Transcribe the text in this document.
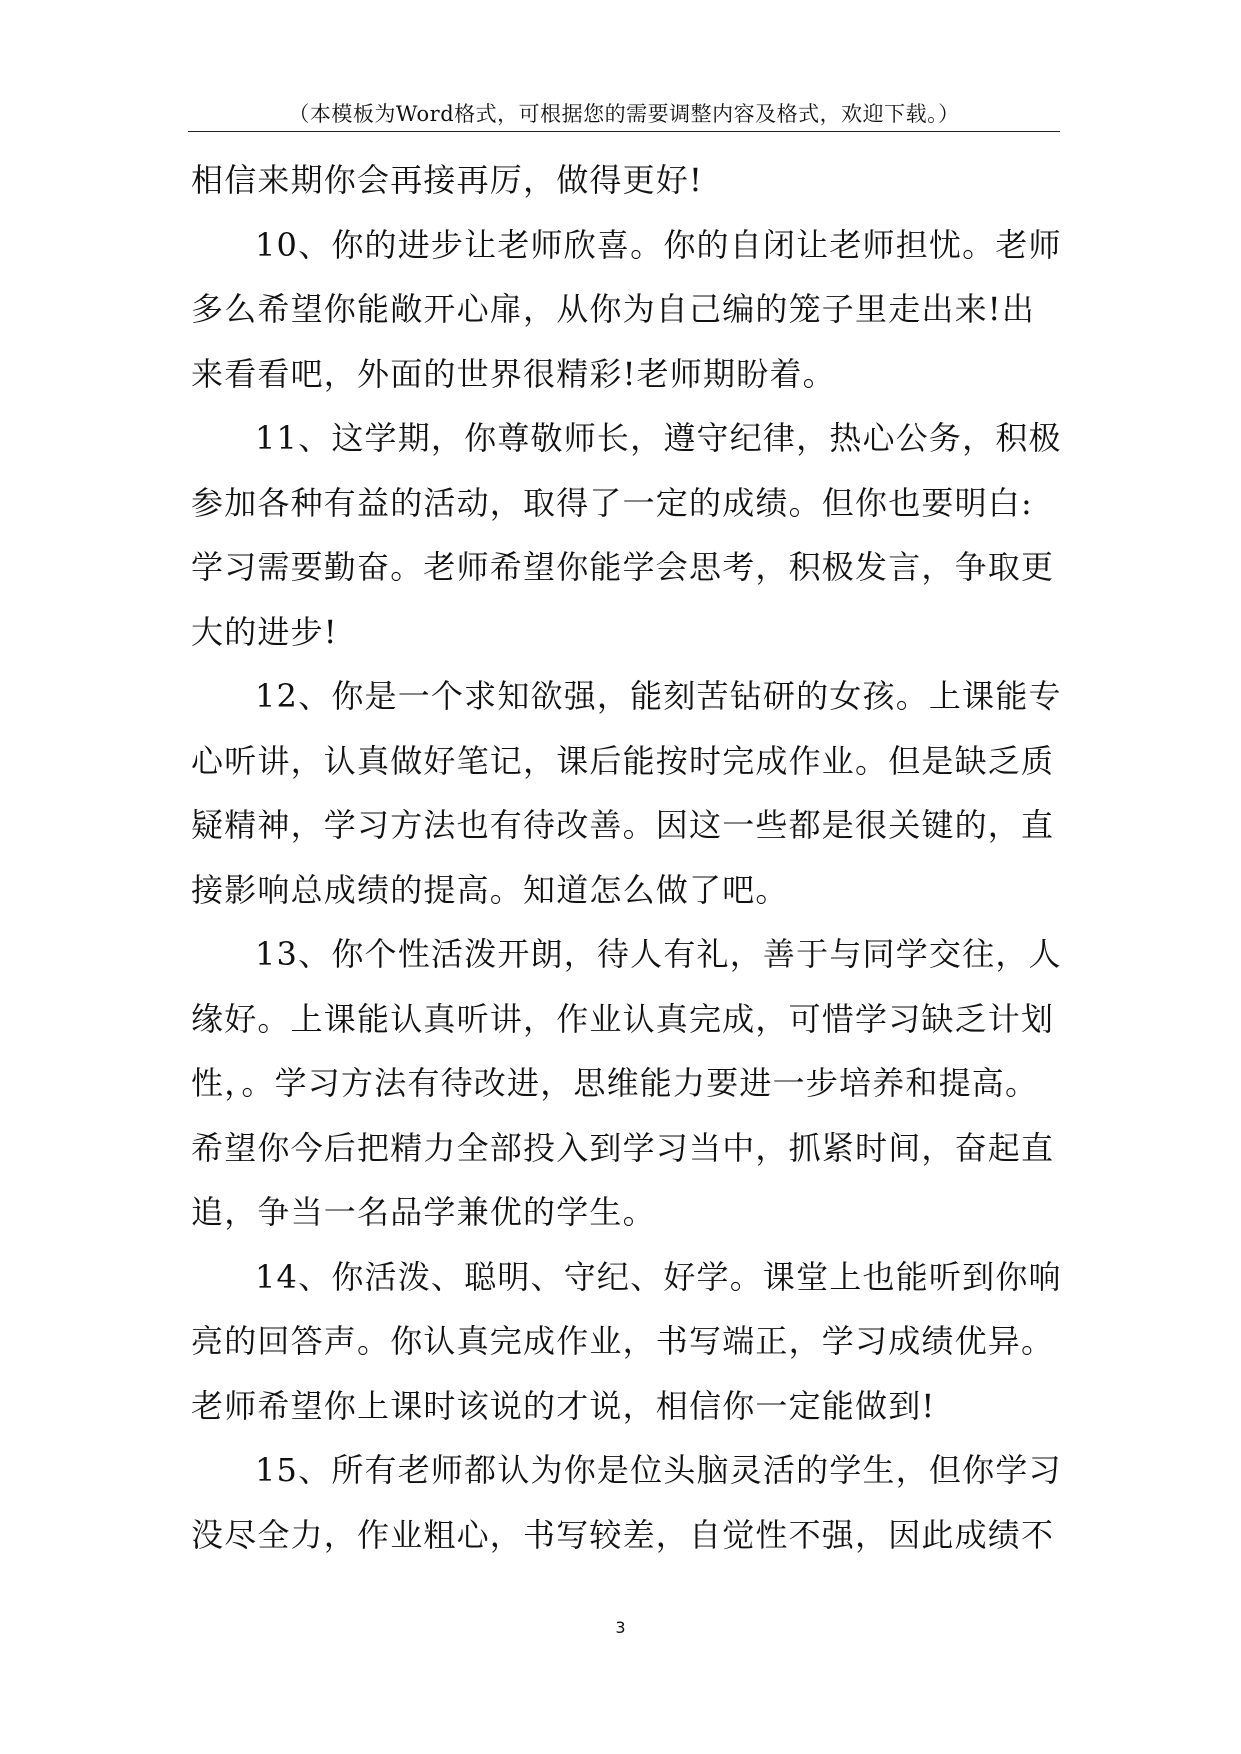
（本模板为Word格式，可根据您的需要调整内容及格式，欢迎下载。）
相信来期你会再接再厉，做得更好!
10、你的进步让老师欣喜。你的自闭让老师担忧。老师
多么希望你能敞开心扉，从你为自己编的笼子里走出来!出
来看看吧，外面的世界很精彩!老师期盼着。
11、这学期，你尊敬师长，遵守纪律，热心公务，积极
参加各种有益的活动，取得了一定的成绩。但你也要明白:
学习需要勤奋。老师希望你能学会思考，积极发言，争取更
大的进步!
12、你是一个求知欲强，能刻苦钻研的女孩。上课能专
心听讲，认真做好笔记，课后能按时完成作业。但是缺乏质
疑精神，学习方法也有待改善。因这一些都是很关键的，直
接影响总成绩的提高。知道怎么做了吧。
13、你个性活泼开朗，待人有礼，善于与同学交往，人
缘好。上课能认真听讲，作业认真完成，可惜学习缺乏计划
性，。学习方法有待改进，思维能力要进一步培养和提高。
希望你今后把精力全部投入到学习当中，抓紧时间，奋起直
追，争当一名品学兼优的学生。
14、你活泼、聪明、守纪、好学。课堂上也能听到你响
亮的回答声。你认真完成作业，书写端正，学习成绩优异。
老师希望你上课时该说的才说，相信你一定能做到!
15、所有老师都认为你是位头脑灵活的学生，但你学习
没尽全力，作业粗心，书写较差，自觉性不强，因此成绩不
3
